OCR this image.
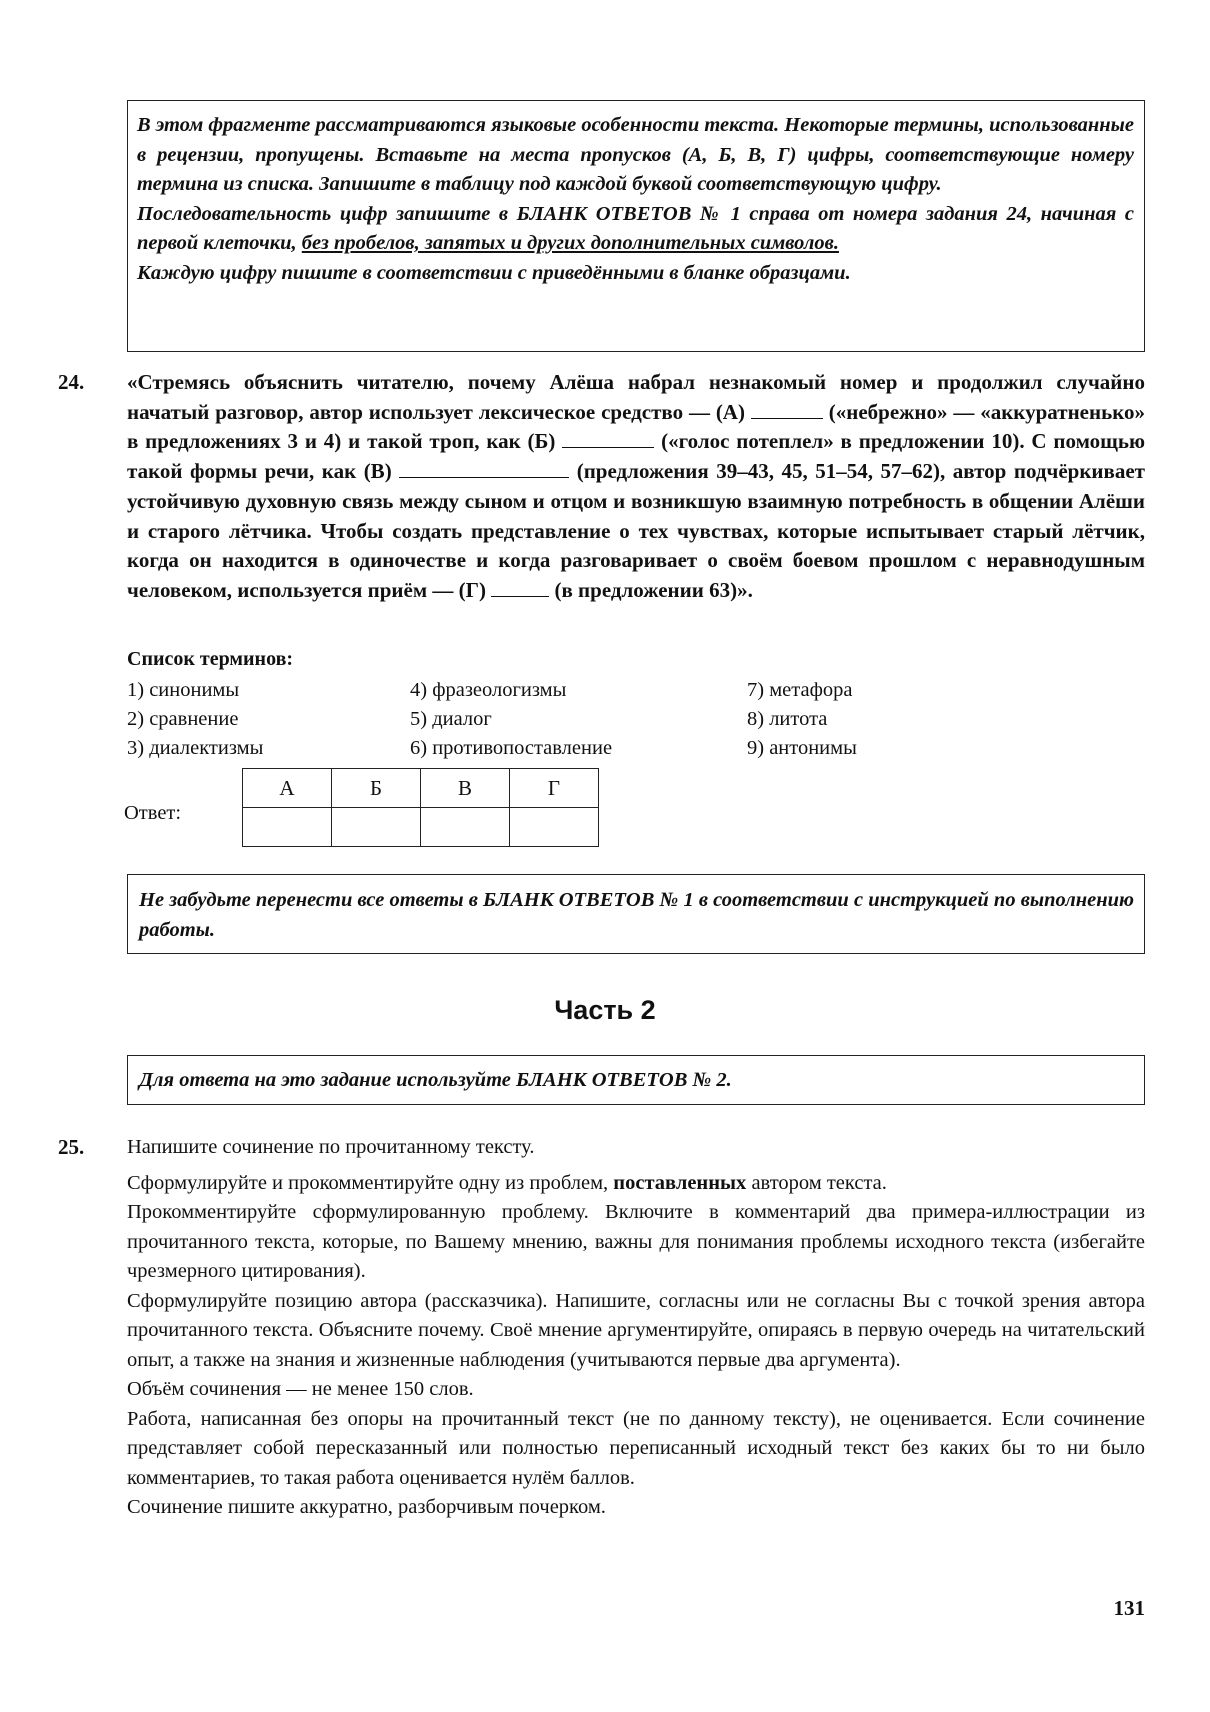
В этом фрагменте рассматриваются языковые особенности текста. Некоторые термины, использованные в рецензии, пропущены. Вставьте на места пропусков (А, Б, В, Г) цифры, соответствующие номеру термина из списка. Запишите в таблицу под каждой буквой соответствующую цифру.

Последовательность цифр запишите в БЛАНК ОТВЕТОВ № 1 справа от номера задания 24, начиная с первой клеточки, без пробелов, запятых и других дополнительных символов.

Каждую цифру пишите в соответствии с приведёнными в бланке образцами.

24. «Стремясь объяснить читателю, почему Алёша набрал незнакомый номер и продолжил случайно начатый разговор, автор использует лексическое средство — (А)	(«небрежно» — «аккуратненько» в предложениях 3 и 4) и такой троп, как (Б)	(«голос потеплел» в предложении 10). С помощью такой формы речи, как (В)	(предложения 39–43, 45, 51–54, 57–62), автор подчёркивает устойчивую духовную связь между сыном и отцом и возникшую взаимную потребность в общении Алёши и старого лётчика. Чтобы создать представление о тех чувствах, которые испытывает старый лётчик, когда он находится в одиночестве и когда разговаривает о своём боевом прошлом с неравнодушным человеком, используется приём — (Г)	(в предложении 63)».

Список терминов:
1) синонимы
2) сравнение
3) диалектизмы
4) фразеологизмы
5) диалог
6) противопоставление
7) метафора
8) литота
9) антонимы
Ответ:
А	Б	В	Г

Не забудьте перенести все ответы в БЛАНК ОТВЕТОВ № 1 в соответствии с инструкцией по выполнению работы.

Часть 2

Для ответа на это задание используйте БЛАНК ОТВЕТОВ № 2.

25. Напишите сочинение по прочитанному тексту.

Сформулируйте и прокомментируйте одну из проблем, поставленных автором текста.

Прокомментируйте сформулированную проблему. Включите в комментарий два примера-иллюстрации из прочитанного текста, которые, по Вашему мнению, важны для понимания проблемы исходного текста (избегайте чрезмерного цитирования).

Сформулируйте позицию автора (рассказчика). Напишите, согласны или не согласны Вы с точкой зрения автора прочитанного текста. Объясните почему. Своё мнение аргументируйте, опираясь в первую очередь на читательский опыт, а также на знания и жизненные наблюдения (учитываются первые два аргумента).

Объём сочинения — не менее 150 слов.

Работа, написанная без опоры на прочитанный текст (не по данному тексту), не оценивается. Если сочинение представляет собой пересказанный или полностью переписанный исходный текст без каких бы то ни было комментариев, то такая работа оценивается нулём баллов.

Сочинение пишите аккуратно, разборчивым почерком.

131
